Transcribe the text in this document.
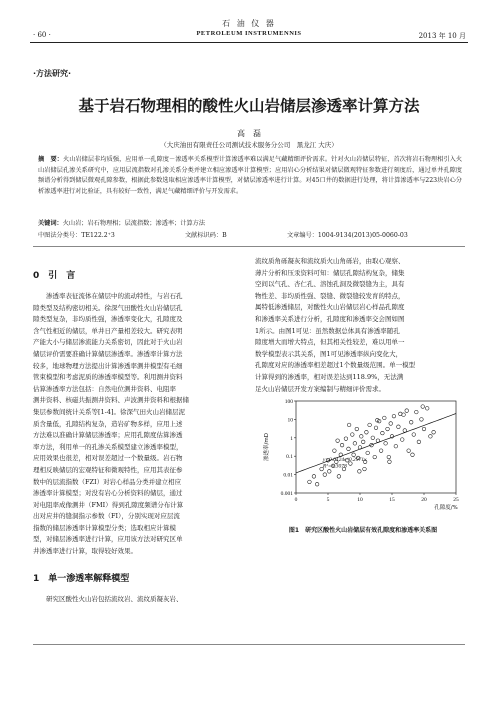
石 油 仪 器
· 60 ·	PETROLEUM INSTRUMENNIS	2013 年 10 月
·方法研究·
基于岩石物理相的酸性火山岩储层渗透率计算方法
高　磊
（大庆油田有限责任公司测试技术服务分公司　黑龙江 大庆）
摘　要：火山岩储层非均质强，应用单一孔隙度－渗透率关系模型计算渗透率难以满足气藏精细评价需求。针对火山岩储层特征，首次将岩石物理相引入火山岩储层孔渗关系研究中，应用层流指数对孔渗关系分类并建立相应渗透率计算模型；应用岩心分析结果对储层微观特征参数进行刻度后，通过单井孔隙度频谱分析得到储层微观孔隙参数，根据此参数选取相应渗透率计算模型，对储层渗透率进行计算。对45口井的数据进行处理，将计算渗透率与223块岩心分析渗透率进行对比验证，具有较好一致性，满足气藏精细评价与开发需求。
关键词：火山岩；岩石物理相；层流指数；渗透率；计算方法
中图法分类号：TE122.2⁺3	文献标识码：B	文章编号：1004-9134(2013)05-0060-03
0　引　言
渗透率表征流体在储层中的流动特性，与岩石孔
隙类型及结构密切相关。徐深气田酸性火山岩储层孔
隙类型复杂，非均质性强，渗透率变化大，孔隙度及
含气性相近的储层，单井日产量相差较大。研究表明
产能大小与储层渗流能力关系密切，因此对于火山岩
储层评价需要准确计算储层渗透率。渗透率计算方法
较多，地球物理方法提出计算渗透率测井模型有毛细
管束模型和考虑泥质的渗透率模型等。利用测井资料
估算渗透率方法包括：自然电位测井资料、电阻率
测井资料、核磁共振测井资料、声波测井资料和根据储
集层参数间统计关系等[1-4]。徐深气田火山岩储层泥
质含量低，孔隙结构复杂，造岩矿物多样，应用上述
方法难以准确计算储层渗透率；应用孔隙度估算渗透
率方法，利用单一的孔渗关系模型建立渗透率模型，
应用效果也很差，相对误差超过一个数量级。岩石物
理相反映储层的宏观特征和微观特性，应用其表征参
数中的层流指数（FZI）对岩心样品分类并建立相应
渗透率计算模型；对没有岩心分析资料的储层，通过
对电阻率成像测井（FMI）得到孔隙度频谱分布计算
出对应井的缝洞指示参数（FI），分别实现对应层流
指数的储层渗透率计算模型分类；选取相应计算模
型，对储层渗透率进行计算，应用该方法对研究区单
井渗透率进行计算，取得较好效果。
1　单一渗透率解释模型
研究区酸性火山岩包括流纹岩、流纹质凝灰岩、
流纹质角砾凝灰和流纹质火山角砾岩，由取心观察、
薄片分析和压汞资料可知：储层孔隙结构复杂，储集
空间以气孔、杏仁孔、溶蚀孔洞及微裂缝为主，具有
物性差、非均质性强、裂缝、微裂缝较发育的特点，
属特低渗透储层，对酸性火山岩储层岩心样品孔隙度
和渗透率关系进行分析，孔隙度和渗透率交会图如图
1所示。由图1可见：虽然数据总体具有渗透率随孔
隙度增大而增大特点，但其相关性较差，难以用单一
数学模型表示其关系，图1可见渗透率纵向变化大，
孔隙度对应的渗透率相差超过1个数量级范围。单一模型
计算得到的渗透率，相对误差达到118.9%，无法满
足火山岩储层开发方案编制与精细评价需求。
0.001
0.01
0.1
1
10
100
0	5	10	15	20	25
孔隙度/%
渗透率/mD	y=0.0124e^0.2971x
R²=0.3078
图1　研究区酸性火山岩储层有效孔隙度和渗透率关系图
